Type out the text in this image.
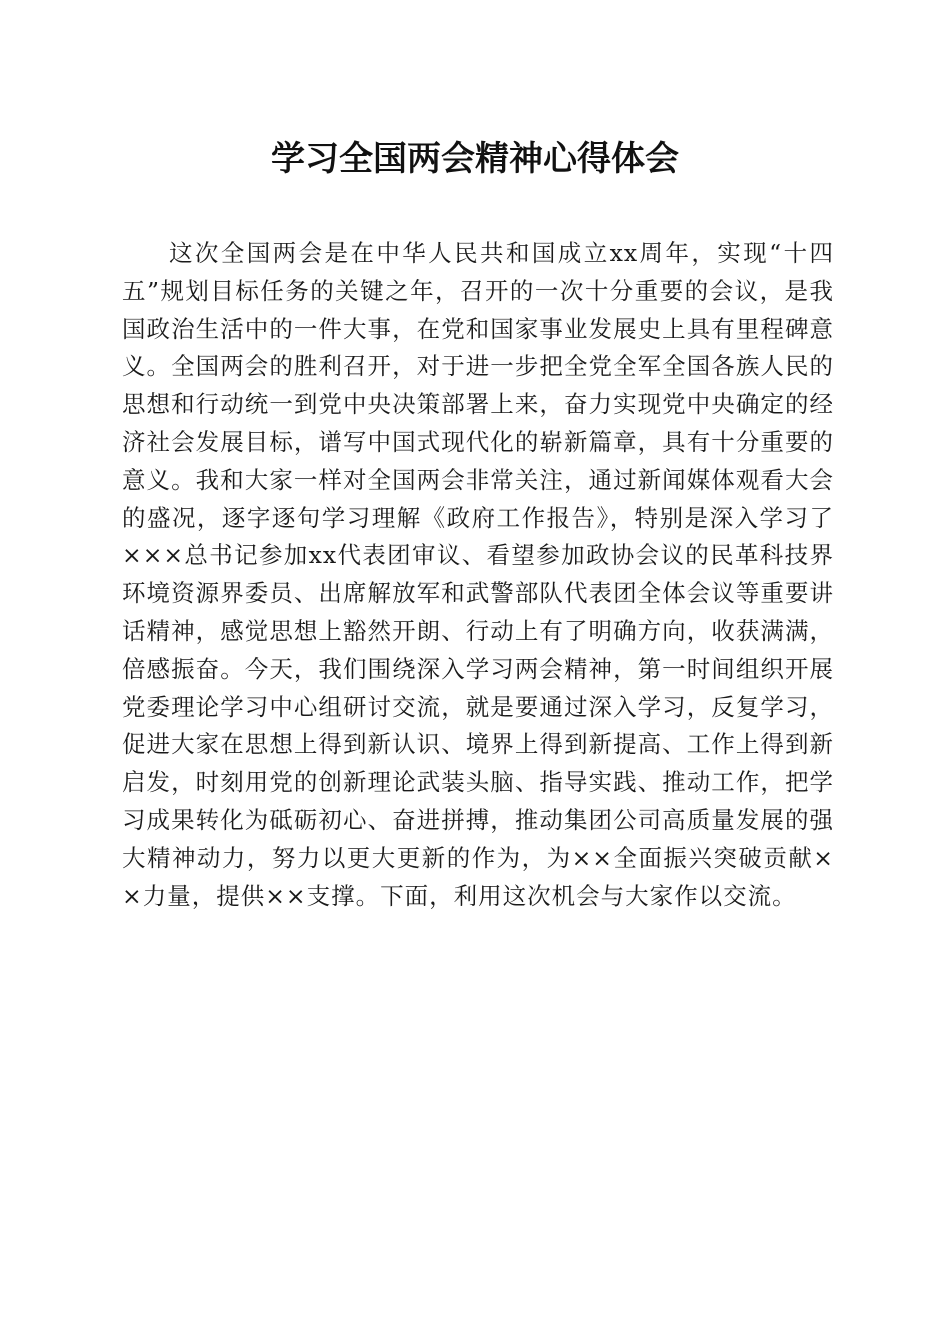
学习全国两会精神心得体会

这次全国两会是在中华人民共和国成立xx周年，实现“十四五”规划目标任务的关键之年，召开的一次十分重要的会议，是我国政治生活中的一件大事，在党和国家事业发展史上具有里程碑意义。全国两会的胜利召开，对于进一步把全党全军全国各族人民的思想和行动统一到党中央决策部署上来，奋力实现党中央确定的经济社会发展目标，谱写中国式现代化的崭新篇章，具有十分重要的意义。我和大家一样对全国两会非常关注，通过新闻媒体观看大会的盛况，逐字逐句学习理解《政府工作报告》，特别是深入学习了×××总书记参加xx代表团审议、看望参加政协会议的民革科技界环境资源界委员、出席解放军和武警部队代表团全体会议等重要讲话精神，感觉思想上豁然开朗、行动上有了明确方向，收获满满，倍感振奋。今天，我们围绕深入学习两会精神，第一时间组织开展党委理论学习中心组研讨交流，就是要通过深入学习，反复学习，促进大家在思想上得到新认识、境界上得到新提高、工作上得到新启发，时刻用党的创新理论武装头脑、指导实践、推动工作，把学习成果转化为砥砺初心、奋进拼搏，推动集团公司高质量发展的强大精神动力，努力以更大更新的作为，为××全面振兴突破贡献××力量，提供××支撑。下面，利用这次机会与大家作以交流。
